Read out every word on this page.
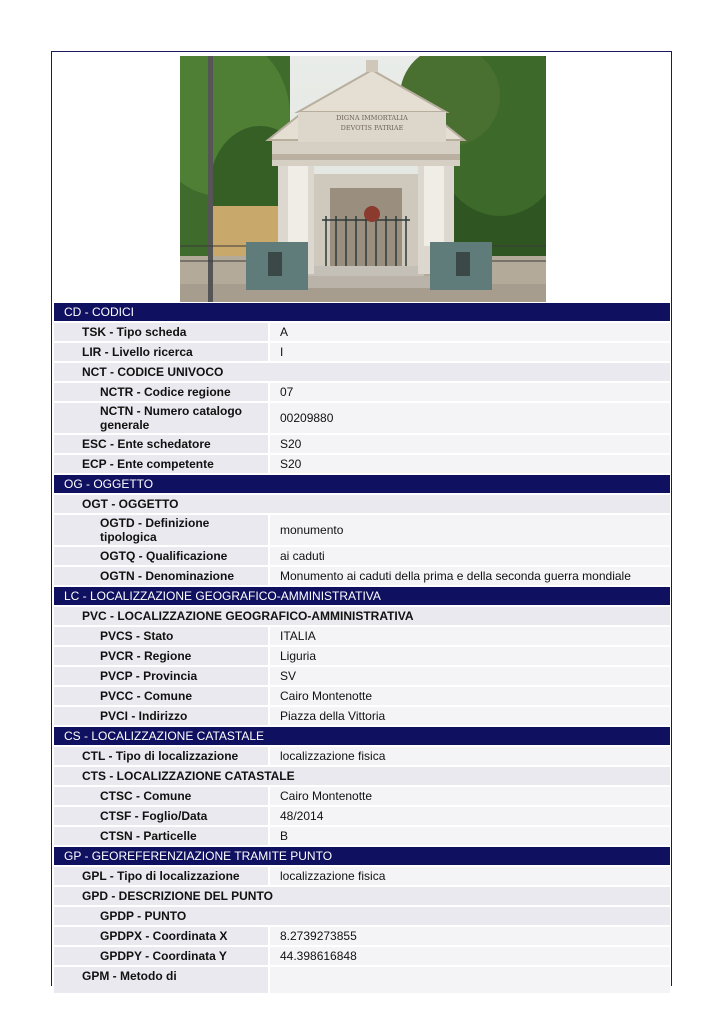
DIGNA IMMORTALIA
DEVOTIS PATRIAE
CD - CODICI
TSK - Tipo scheda	A
LIR - Livello ricerca	I
NCT - CODICE UNIVOCO
NCTR - Codice regione	07
NCTN - Numero catalogo generale	00209880
ESC - Ente schedatore	S20
ECP - Ente competente	S20
OG - OGGETTO
OGT - OGGETTO
OGTD - Definizione tipologica	monumento
OGTQ - Qualificazione	ai caduti
OGTN - Denominazione	Monumento ai caduti della prima e della seconda guerra mondiale
LC - LOCALIZZAZIONE GEOGRAFICO-AMMINISTRATIVA
PVC - LOCALIZZAZIONE GEOGRAFICO-AMMINISTRATIVA
PVCS - Stato	ITALIA
PVCR - Regione	Liguria
PVCP - Provincia	SV
PVCC - Comune	Cairo Montenotte
PVCI - Indirizzo	Piazza della Vittoria
CS - LOCALIZZAZIONE CATASTALE
CTL - Tipo di localizzazione	localizzazione fisica
CTS - LOCALIZZAZIONE CATASTALE
CTSC - Comune	Cairo Montenotte
CTSF - Foglio/Data	48/2014
CTSN - Particelle	B
GP - GEOREFERENZIAZIONE TRAMITE PUNTO
GPL - Tipo di localizzazione	localizzazione fisica
GPD - DESCRIZIONE DEL PUNTO
GPDP - PUNTO
GPDPX - Coordinata X	8.2739273855
GPDPY - Coordinata Y	44.398616848
GPM - Metodo di
